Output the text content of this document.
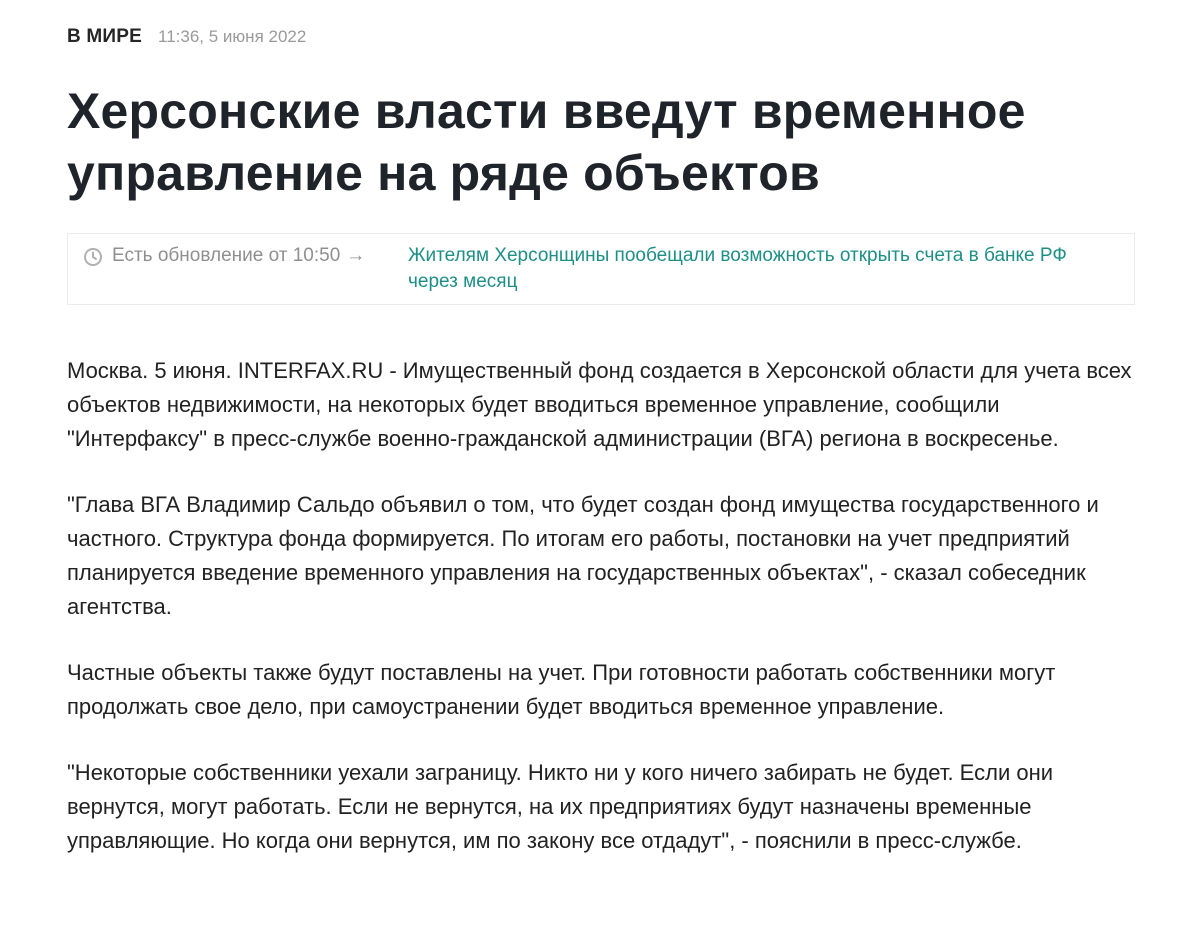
В МИРЕ 11:36, 5 июня 2022
Херсонские власти введут временное управление на ряде объектов
Есть обновление от 10:50 → Жителям Херсонщины пообещали возможность открыть счета в банке РФ через месяц

Москва. 5 июня. INTERFAX.RU - Имущественный фонд создается в Херсонской области для учета всех объектов недвижимости, на некоторых будет вводиться временное управление, сообщили "Интерфаксу" в пресс-службе военно-гражданской администрации (ВГА) региона в воскресенье.

"Глава ВГА Владимир Сальдо объявил о том, что будет создан фонд имущества государственного и частного. Структура фонда формируется. По итогам его работы, постановки на учет предприятий планируется введение временного управления на государственных объектах", - сказал собеседник агентства.

Частные объекты также будут поставлены на учет. При готовности работать собственники могут продолжать свое дело, при самоустранении будет вводиться временное управление.

"Некоторые собственники уехали заграницу. Никто ни у кого ничего забирать не будет. Если они вернутся, могут работать. Если не вернутся, на их предприятиях будут назначены временные управляющие. Но когда они вернутся, им по закону все отдадут", - пояснили в пресс-службе.
